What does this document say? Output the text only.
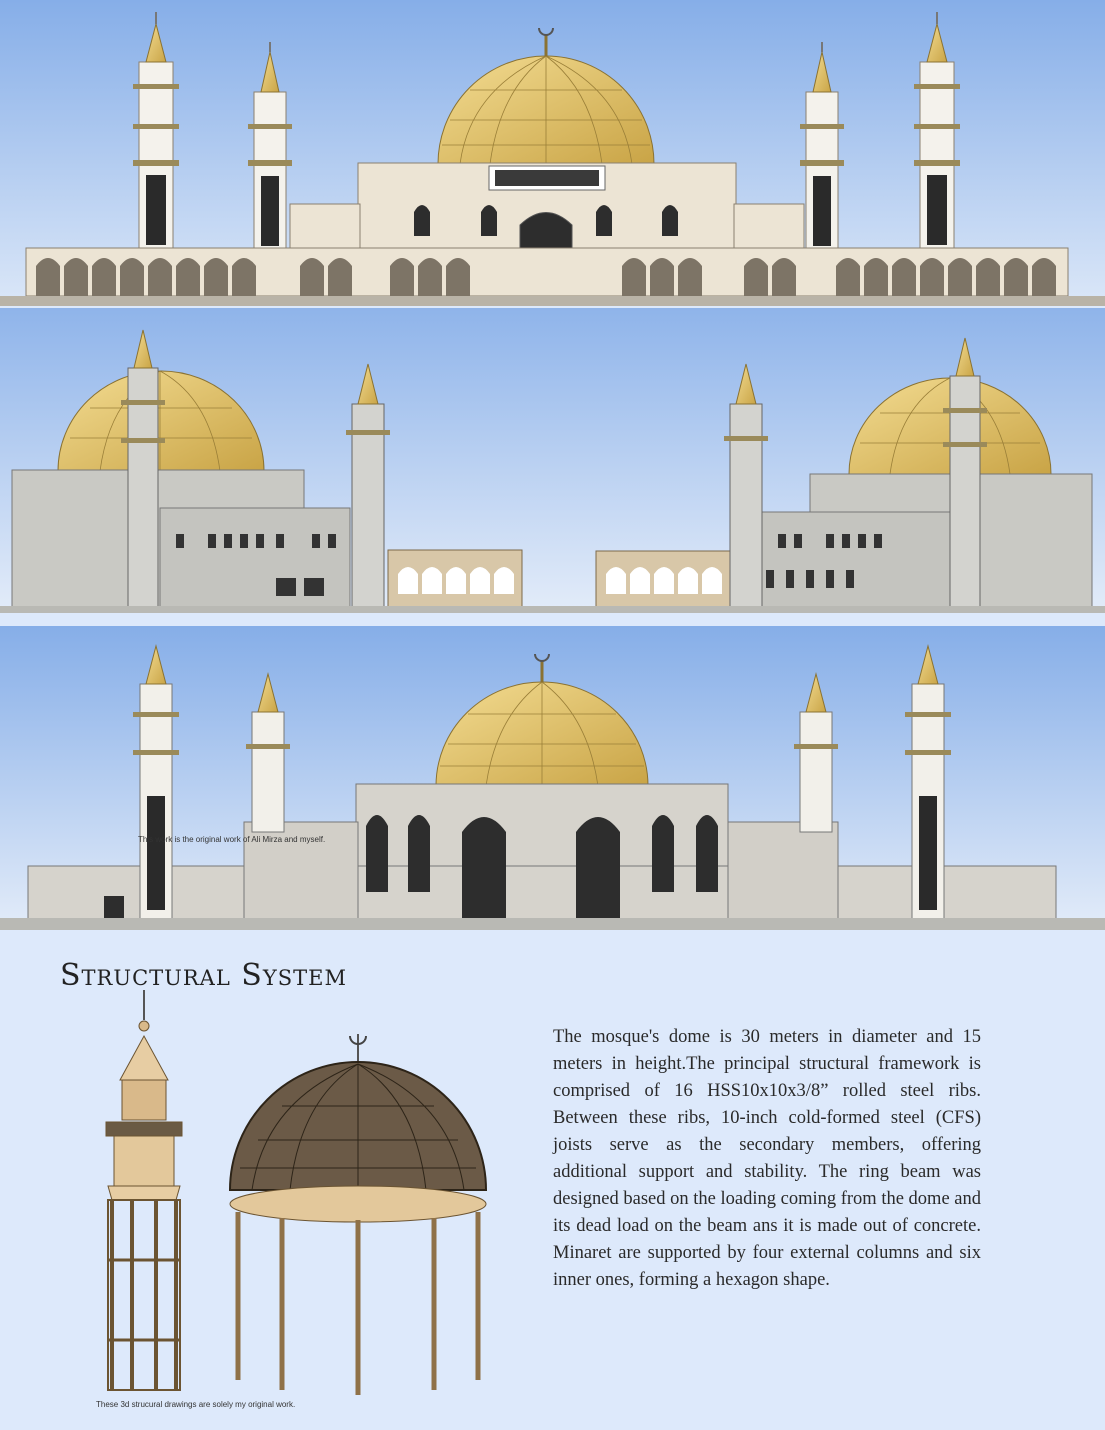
This work is the original work of Ali Mirza and myself.

Structural System

The mosque's dome is 30 meters in diameter and 15 meters in height.The principal structural framework is comprised of 16 HSS10x10x3/8” rolled steel ribs. Between these ribs, 10-inch cold-formed steel (CFS) joists serve as the secondary members, offering additional support and stability. The ring beam was designed based on the loading coming from the dome and its dead load on the beam ans it is made out of concrete. Minaret are supported by four external columns and six inner ones, forming a hexagon shape.

These 3d strucural drawings are solely my original work.
